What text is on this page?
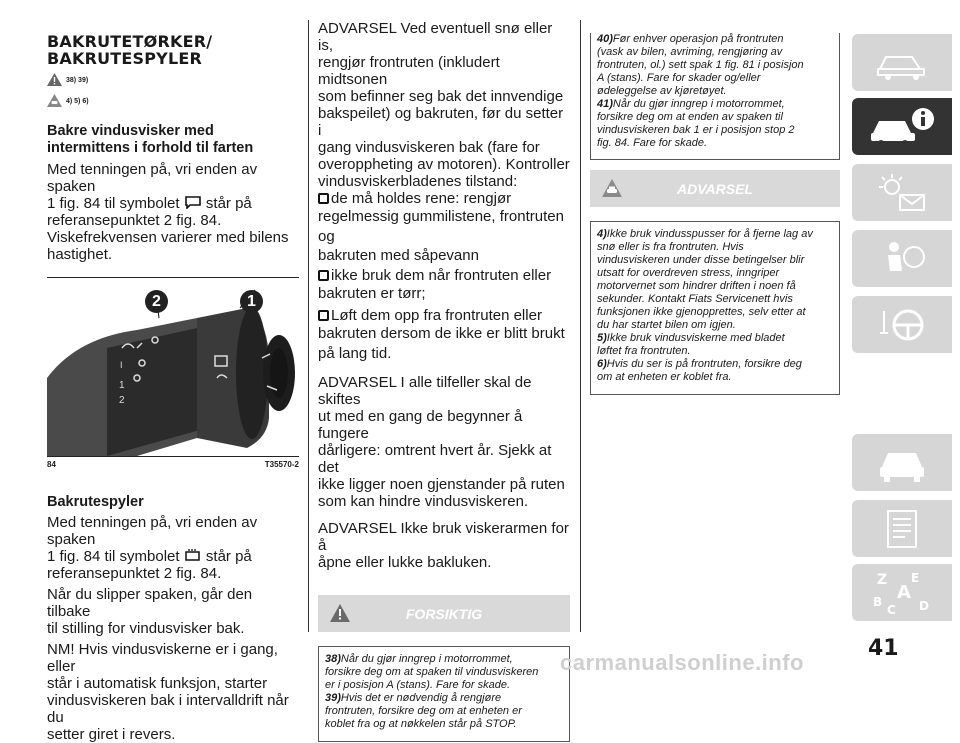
BAKRUTETØRKER/
BAKRUTESPYLER
38) 39)
4) 5) 6)
Bakre vindusvisker med
intermittens i forhold til farten

Med tenningen på, vri enden av spaken

1 fig. 84 til symbolet står på

referansepunktet 2 fig. 84.

Viskefrekvensen varierer med bilens

hastighet.

1
2
I
1
2
84	T35570-2
Bakrutespyler

Med tenningen på, vri enden av spaken

1 fig. 84 til symbolet står på

referansepunktet 2 fig. 84.

Når du slipper spaken, går den tilbake

til stilling for vindusvisker bak.

NM! Hvis vindusviskerne er i gang, eller

står i automatisk funksjon, starter

vindusviskeren bak i intervalldrift når du

setter giret i revers.

ADVARSEL Ved eventuell snø eller is,

rengjør frontruten (inkludert midtsonen

som befinner seg bak det innvendige

bakspeilet) og bakruten, før du setter i

gang vindusviskeren bak (fare for

overoppheting av motoren). Kontroller

vindusviskerbladenes tilstand:

de må holdes rene: rengjør

regelmessig gummilistene, frontruten og

bakruten med såpevann

ikke bruk dem når frontruten eller

bakruten er tørr;

Løft dem opp fra frontruten eller

bakruten dersom de ikke er blitt brukt

på lang tid.

ADVARSEL I alle tilfeller skal de skiftes

ut med en gang de begynner å fungere

dårligere: omtrent hvert år. Sjekk at det

ikke ligger noen gjenstander på ruten

som kan hindre vindusviskeren.

ADVARSEL Ikke bruk viskerarmen for å

åpne eller lukke bakluken.

FORSIKTIG
38)Når du gjør inngrep i motorrommet,
forsikre deg om at spaken til vindusviskeren
er i posisjon A (stans). Fare for skade.
39)Hvis det er nødvendig å rengjøre
frontruten, forsikre deg om at enheten er
koblet fra og at nøkkelen står på STOP.
40)Før enhver operasjon på frontruten
(vask av bilen, avriming, rengjøring av
frontruten, ol.) sett spak 1 fig. 81 i posisjon
A (stans). Fare for skader og/eller
ødeleggelse av kjøretøyet.
41)Når du gjør inngrep i motorrommet,
forsikre deg om at enden av spaken til
vindusviskeren bak 1 er i posisjon stop 2
fig. 84. Fare for skade.
ADVARSEL
4)Ikke bruk vindusspusser for å fjerne lag av
snø eller is fra frontruten. Hvis
vindusviskeren under disse betingelser blir
utsatt for overdreven stress, inngriper
motorvernet som hindrer driften i noen få
sekunder. Kontakt Fiats Servicenett hvis
funksjonen ikke gjenopprettes, selv etter at
du har startet bilen om igjen.
5)Ikke bruk vindusviskerne med bladet
løftet fra frontruten.
6)Hvis du ser is på frontruten, forsikre deg
om at enheten er koblet fra.
Z E
A
B
C D
41
carmanualsonline.info
